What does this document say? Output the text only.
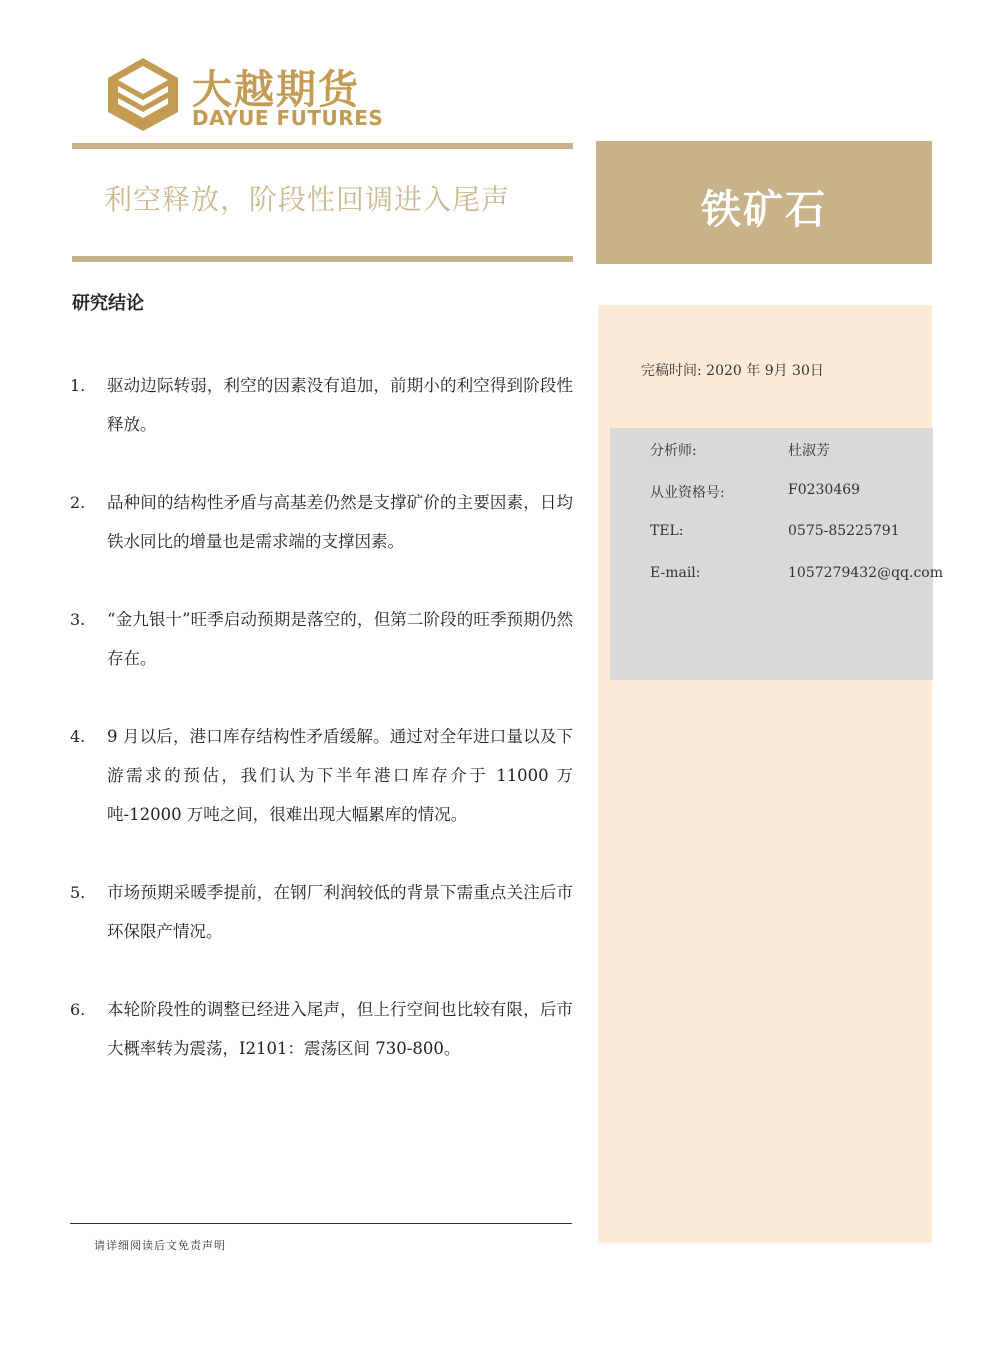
大越期货
DAYUE FUTURES
利空释放，阶段性回调进入尾声	铁矿石
完稿时间: 2020 年 9月 30日
分析师:	杜淑芳
从业资格号:	F0230469
TEL:	0575-85225791
E-mail:	1057279432@qq.com
研究结论
1. 驱动边际转弱，利空的因素没有追加，前期小的利空得到阶段性释放。
2. 品种间的结构性矛盾与高基差仍然是支撑矿价的主要因素，日均铁水同比的增量也是需求端的支撑因素。
3. “金九银十”旺季启动预期是落空的，但第二阶段的旺季预期仍然存在。
4. 9 月以后，港口库存结构性矛盾缓解。通过对全年进口量以及下游需求的预估，我们认为下半年港口库存介于 11000 万吨-12000 万吨之间，很难出现大幅累库的情况。
5. 市场预期采暖季提前，在钢厂利润较低的背景下需重点关注后市环保限产情况。
6. 本轮阶段性的调整已经进入尾声，但上行空间也比较有限，后市大概率转为震荡，I2101：震荡区间 730-800。
请详细阅读后文免责声明
